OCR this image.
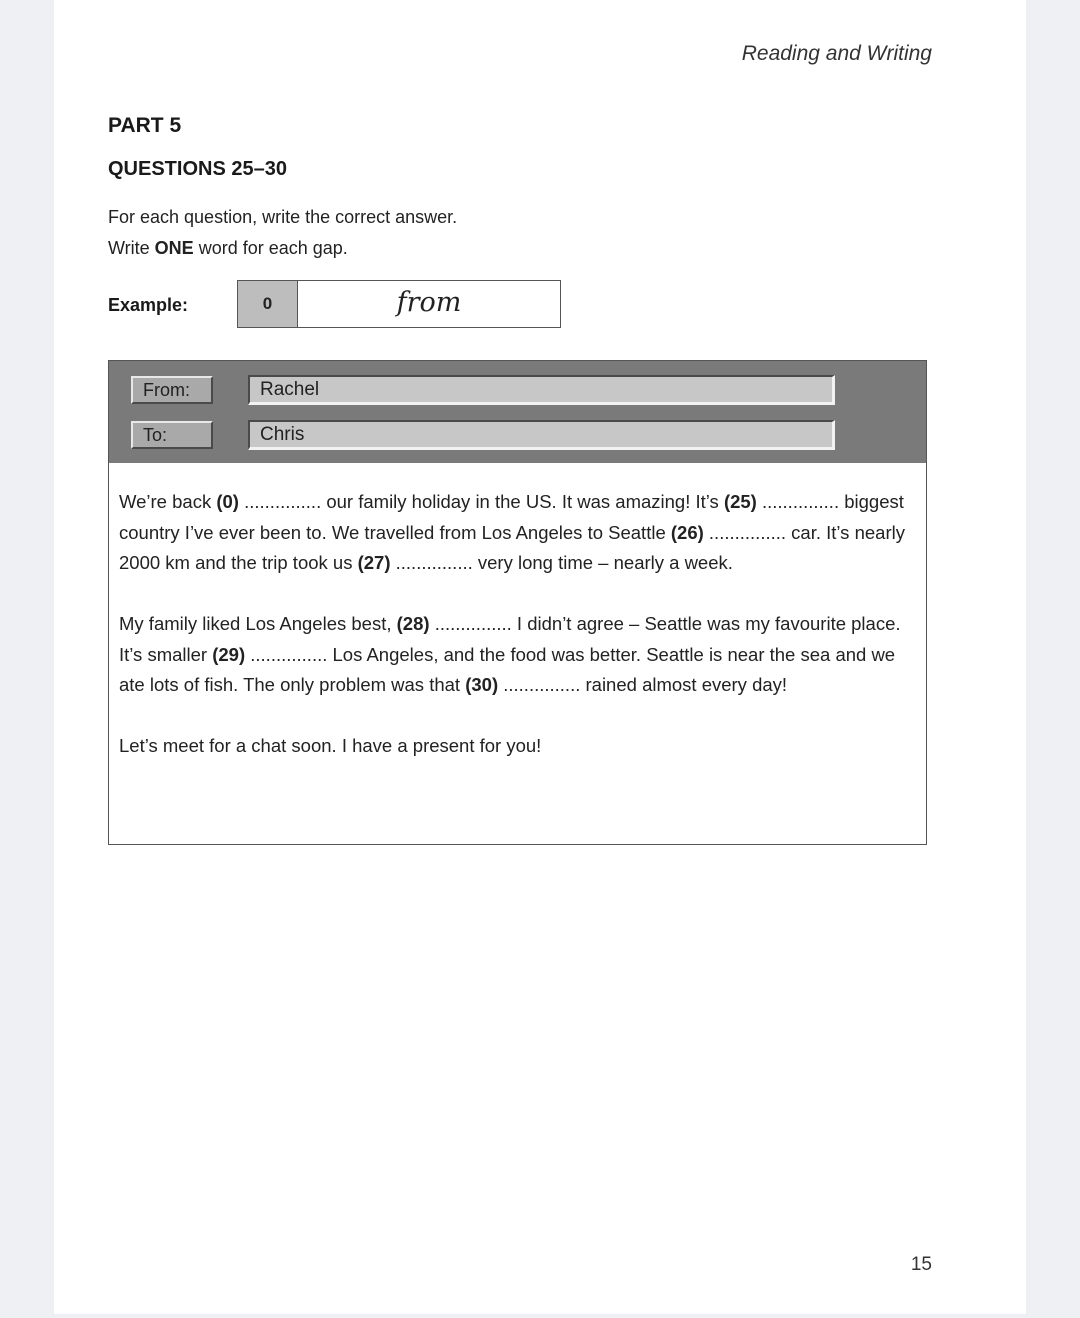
Reading and Writing
PART 5
QUESTIONS 25–30
For each question, write the correct answer.
Write ONE word for each gap.
Example:	0	from
From:	Rachel
To:	Chris

We’re back (0) ............... our family holiday in the US. It was amazing! It’s (25) ............... biggest country I’ve ever been to. We travelled from Los Angeles to Seattle (26) ............... car. It’s nearly 2000 km and the trip took us (27) ............... very long time – nearly a week.

My family liked Los Angeles best, (28) ............... I didn’t agree – Seattle was my favourite place. It’s smaller (29) ............... Los Angeles, and the food was better. Seattle is near the sea and we ate lots of fish. The only problem was that (30) ............... rained almost every day!

Let’s meet for a chat soon. I have a present for you!

15
